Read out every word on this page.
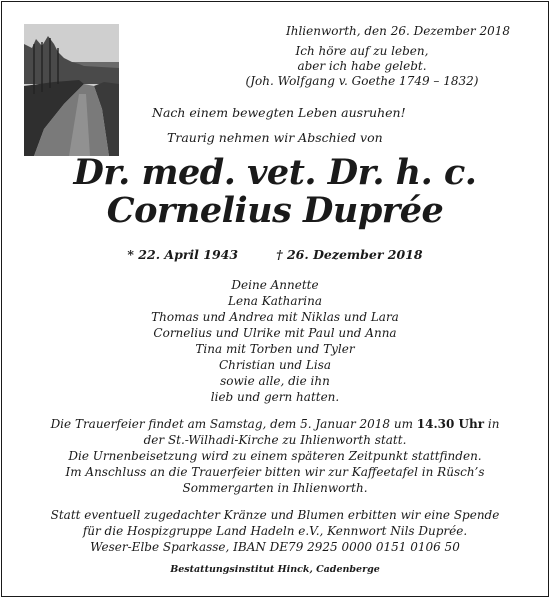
Ihlienworth, den 26. Dezember 2018
Ich höre auf zu leben,
aber ich habe gelebt.
(Joh. Wolfgang v. Goethe 1749 – 1832)
Nach einem bewegten Leben ausruhen!
Traurig nehmen wir Abschied von
Dr. med. vet. Dr. h. c.
Cornelius Duprée
* 22. April 1943	† 26. Dezember 2018
Deine Annette
Lena Katharina
Thomas und Andrea mit Niklas und Lara
Cornelius und Ulrike mit Paul und Anna
Tina mit Torben und Tyler
Christian und Lisa
sowie alle, die ihn
lieb und gern hatten.
Die Trauerfeier findet am Samstag, dem 5. Januar 2018 um 14.30 Uhr in
der St.-Wilhadi-Kirche zu Ihlienworth statt.
Die Urnenbeisetzung wird zu einem späteren Zeitpunkt stattfinden.
Im Anschluss an die Trauerfeier bitten wir zur Kaffeetafel in Rüsch’s
Sommergarten in Ihlienworth.
Statt eventuell zugedachter Kränze und Blumen erbitten wir eine Spende
für die Hospizgruppe Land Hadeln e.V., Kennwort Nils Duprée.
Weser-Elbe Sparkasse, IBAN DE79 2925 0000 0151 0106 50
Bestattungsinstitut Hinck, Cadenberge
